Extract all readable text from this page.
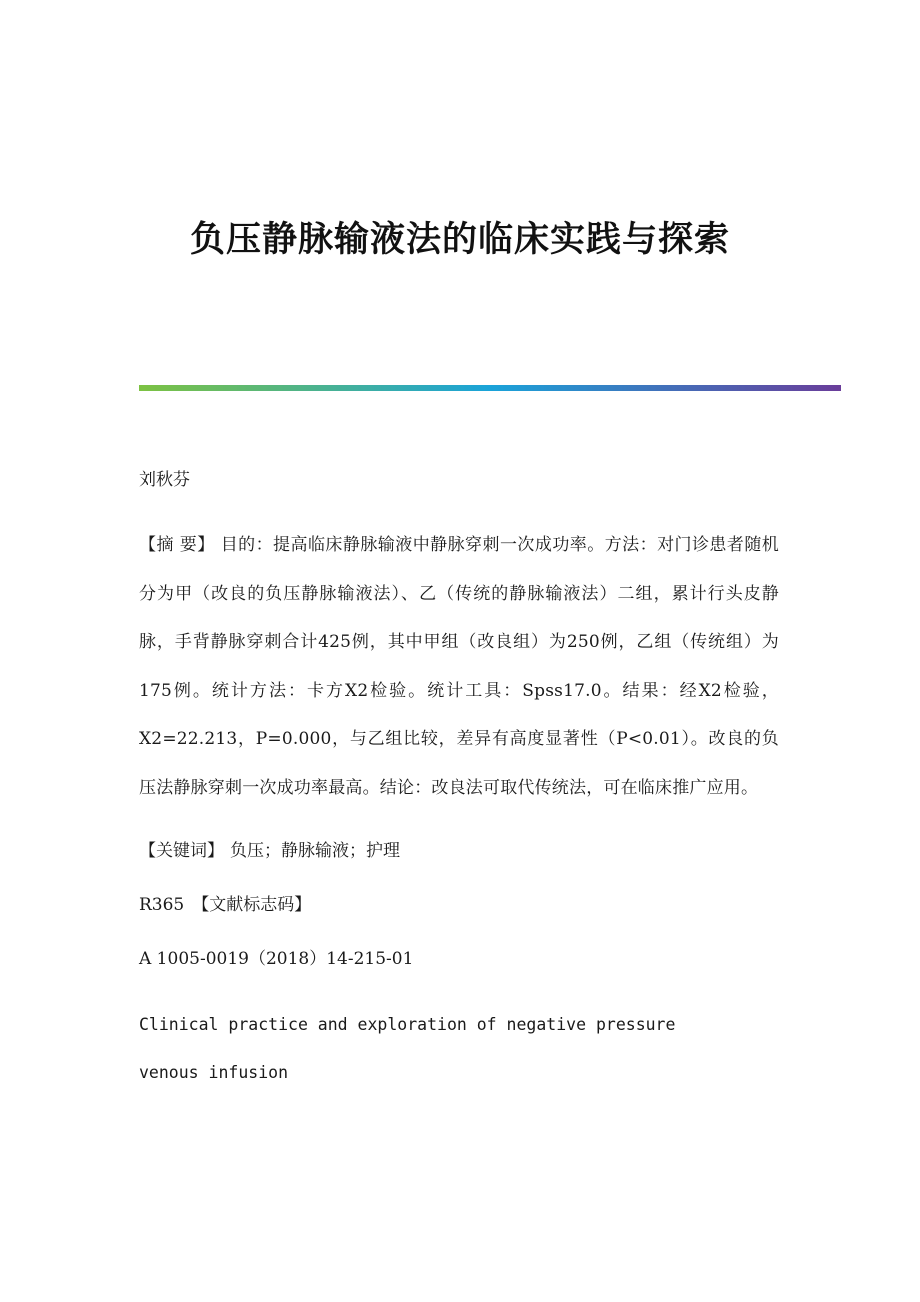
负压静脉输液法的临床实践与探索

刘秋芬

【摘 要】 目的：提高临床静脉输液中静脉穿刺一次成功率。方法：对门诊患者随机分为甲（改良的负压静脉输液法）、乙（传统的静脉输液法）二组，累计行头皮静脉，手背静脉穿刺合计425例，其中甲组（改良组）为250例，乙组（传统组）为175例。统计方法：卡方X2检验。统计工具：Spss17.0。结果：经X2检验，X2=22.213，P=0.000，与乙组比较，差异有高度显著性（P<0.01）。改良的负压法静脉穿刺一次成功率最高。结论：改良法可取代传统法，可在临床推广应用。

【关键词】 负压；静脉输液；护理

R365 【文献标志码】

A 1005-0019（2018）14-215-01

Clinical practice and exploration of negative pressure venous infusion
